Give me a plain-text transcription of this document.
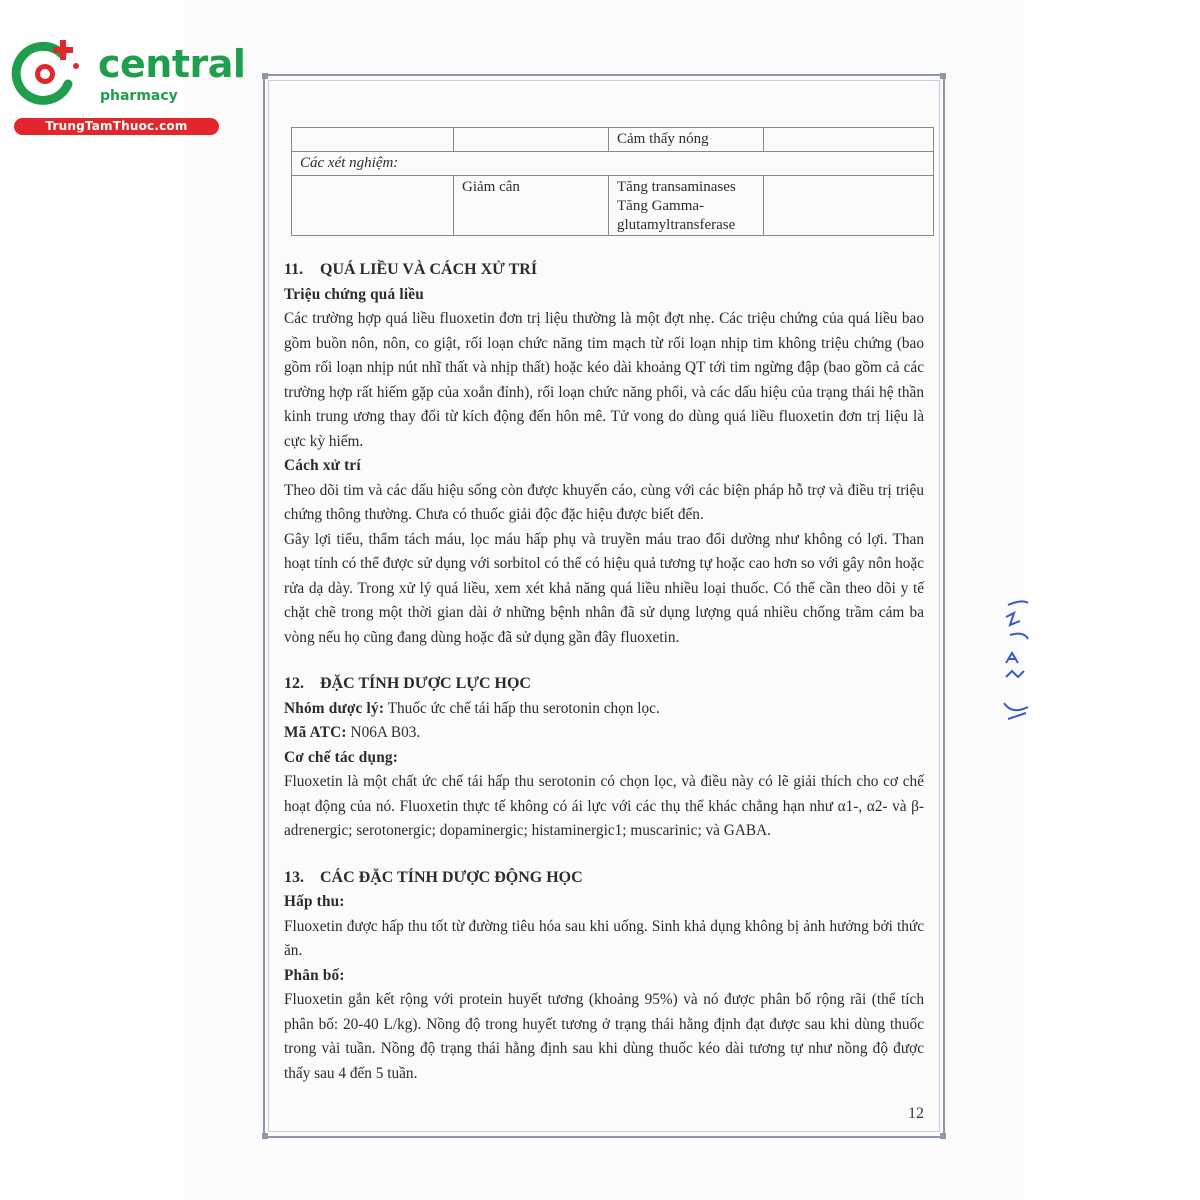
central
pharmacy
TrungTamThuoc.com
		Cảm thấy nóng	
Các xét nghiệm:			
	Giảm cân	Tăng transaminases
Tăng Gamma-
glutamyltransferase	

11. QUÁ LIỀU VÀ CÁCH XỬ TRÍ

Triệu chứng quá liều

Các trường hợp quá liều fluoxetin đơn trị liệu thường là một đợt nhẹ. Các triệu chứng của quá liều bao gồm buồn nôn, nôn, co giật, rối loạn chức năng tim mạch từ rối loạn nhịp tim không triệu chứng (bao gồm rối loạn nhịp nút nhĩ thất và nhịp thất) hoặc kéo dài khoảng QT tới tim ngừng đập (bao gồm cả các trường hợp rất hiếm gặp của xoắn đỉnh), rối loạn chức năng phổi, và các dấu hiệu của trạng thái hệ thần kinh trung ương thay đổi từ kích động đến hôn mê. Tử vong do dùng quá liều fluoxetin đơn trị liệu là cực kỳ hiếm.

Cách xử trí

Theo dõi tim và các dấu hiệu sống còn được khuyến cáo, cùng với các biện pháp hỗ trợ và điều trị triệu chứng thông thường. Chưa có thuốc giải độc đặc hiệu được biết đến.

Gây lợi tiểu, thẩm tách máu, lọc máu hấp phụ và truyền máu trao đổi dường như không có lợi. Than hoạt tính có thể được sử dụng với sorbitol có thể có hiệu quả tương tự hoặc cao hơn so với gây nôn hoặc rửa dạ dày. Trong xử lý quá liều, xem xét khả năng quá liều nhiều loại thuốc. Có thể cần theo dõi y tế chặt chẽ trong một thời gian dài ở những bệnh nhân đã sử dụng lượng quá nhiều chống trầm cảm ba vòng nếu họ cũng đang dùng hoặc đã sử dụng gần đây fluoxetin.

12. ĐẶC TÍNH DƯỢC LỰC HỌC

Nhóm dược lý: Thuốc ức chế tái hấp thu serotonin chọn lọc.

Mã ATC: N06A B03.

Cơ chế tác dụng:

Fluoxetin là một chất ức chế tái hấp thu serotonin có chọn lọc, và điều này có lẽ giải thích cho cơ chế hoạt động của nó. Fluoxetin thực tế không có ái lực với các thụ thể khác chẳng hạn như α1-, α2- và β-adrenergic; serotonergic; dopaminergic; histaminergic1; muscarinic; và GABA.

13. CÁC ĐẶC TÍNH DƯỢC ĐỘNG HỌC

Hấp thu:

Fluoxetin được hấp thu tốt từ đường tiêu hóa sau khi uống. Sinh khả dụng không bị ảnh hưởng bởi thức ăn.

Phân bố:

Fluoxetin gắn kết rộng với protein huyết tương (khoảng 95%) và nó được phân bố rộng rãi (thể tích phân bố: 20-40 L/kg). Nồng độ trong huyết tương ở trạng thái hằng định đạt được sau khi dùng thuốc trong vài tuần. Nồng độ trạng thái hằng định sau khi dùng thuốc kéo dài tương tự như nồng độ được thấy sau 4 đến 5 tuần.

12
